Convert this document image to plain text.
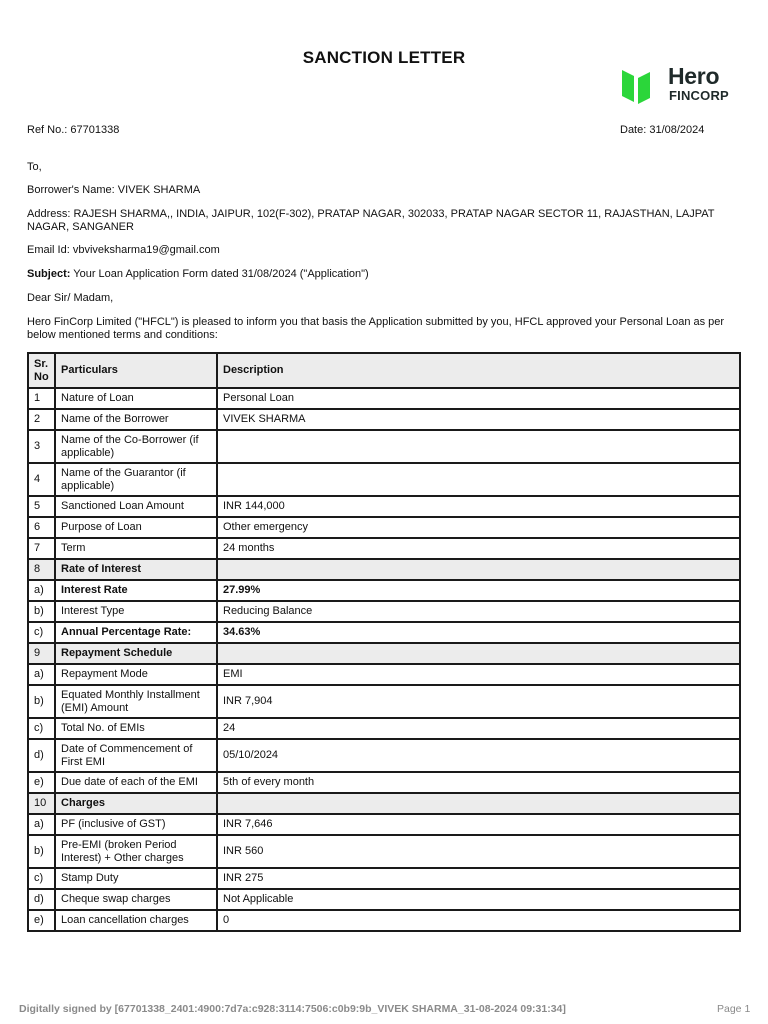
SANCTION LETTER
Hero
FINCORP
Ref No.: 67701338	Date: 31/08/2024
To,
Borrower's Name: VIVEK SHARMA
Address: RAJESH SHARMA,, INDIA, JAIPUR, 102(F-302), PRATAP NAGAR, 302033, PRATAP NAGAR SECTOR 11, RAJASTHAN, LAJPAT NAGAR, SANGANER
Email Id: vbviveksharma19@gmail.com
Subject: Your Loan Application Form dated 31/08/2024 ("Application")
Dear Sir/ Madam,
Hero FinCorp Limited ("HFCL") is pleased to inform you that basis the Application submitted by you, HFCL approved your Personal Loan as per below mentioned terms and conditions:
Sr. No	Particulars	Description
1	Nature of Loan	Personal Loan
2	Name of the Borrower	VIVEK SHARMA
3	Name of the Co-Borrower (if applicable)	
4	Name of the Guarantor (if applicable)	
5	Sanctioned Loan Amount	INR 144,000
6	Purpose of Loan	Other emergency
7	Term	24 months
8	Rate of Interest	
a)	Interest Rate	27.99%
b)	Interest Type	Reducing Balance
c)	Annual Percentage Rate:	34.63%
9	Repayment Schedule	
a)	Repayment Mode	EMI
b)	Equated Monthly Installment (EMI) Amount	INR 7,904
c)	Total No. of EMIs	24
d)	Date of Commencement of First EMI	05/10/2024
e)	Due date of each of the EMI	5th of every month
10	Charges	
a)	PF (inclusive of GST)	INR 7,646
b)	Pre-EMI (broken Period Interest) + Other charges	INR 560
c)	Stamp Duty	INR 275
d)	Cheque swap charges	Not Applicable
e)	Loan cancellation charges	0
Digitally signed by [67701338_2401:4900:7d7a:c928:3114:7506:c0b9:9b_VIVEK SHARMA_31-08-2024 09:31:34]	Page 1
